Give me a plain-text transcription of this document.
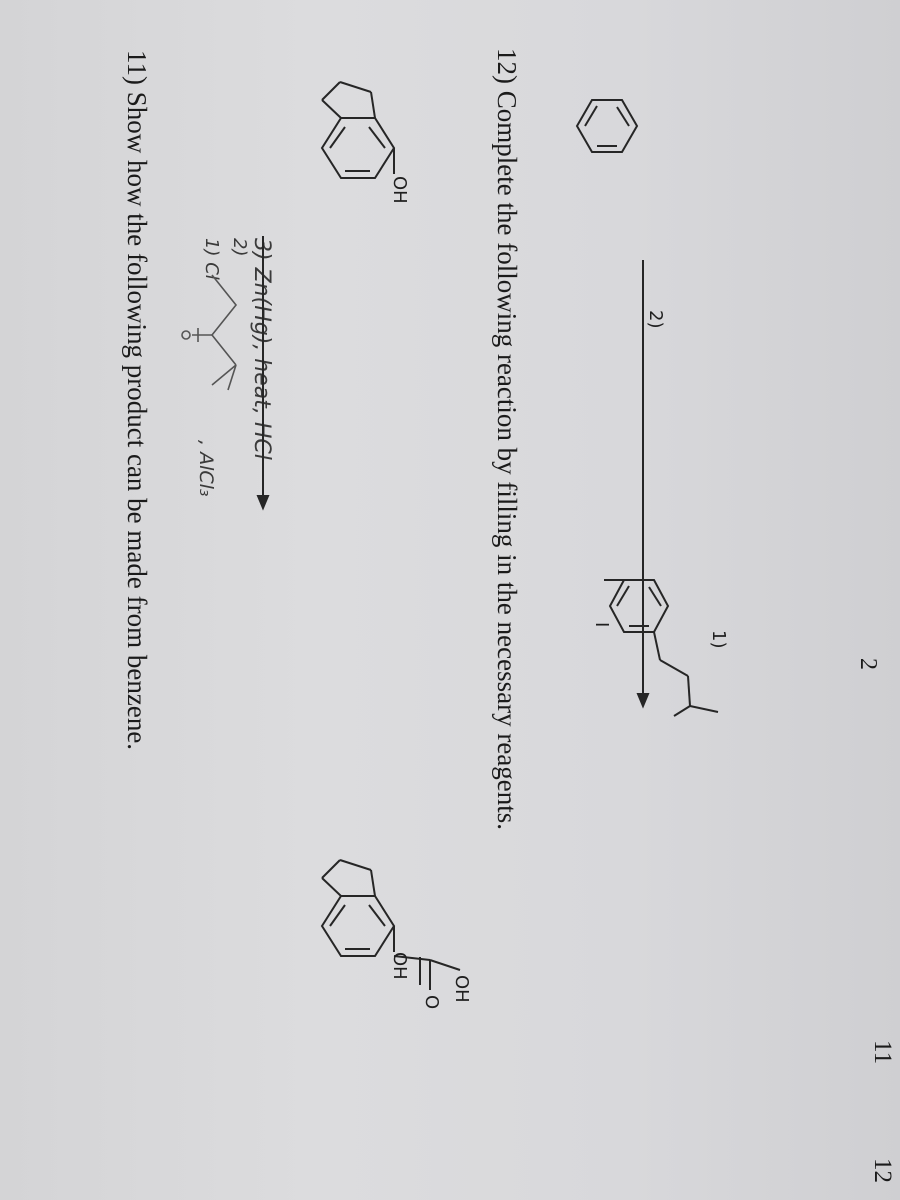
11) Show how the following product can be made from benzene.	12) Complete the following reaction by filling in the necessary reagents.
11
12
2
1) Cl
, AlCl₃
2) 3) Zn(Hg), heat, HCl
I
1)
2)
OH
OH
O OH
